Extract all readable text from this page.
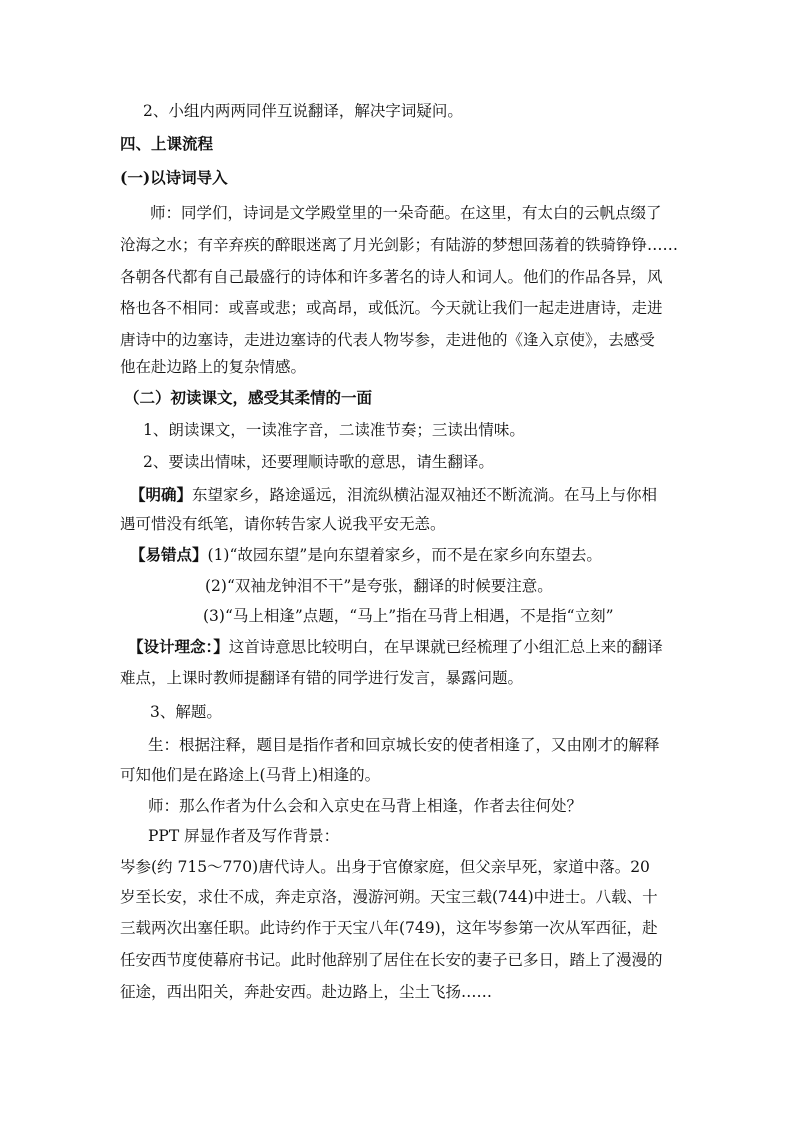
2、小组内两两同伴互说翻译，解决字词疑问。
四、上课流程
(一)以诗词导入
师：同学们，诗词是文学殿堂里的一朵奇葩。在这里，有太白的云帆点缀了
沧海之水；有辛弃疾的醉眼迷离了月光剑影；有陆游的梦想回荡着的铁骑铮铮……
各朝各代都有自己最盛行的诗体和许多著名的诗人和词人。他们的作品各异，风
格也各不相同：或喜或悲；或高昂，或低沉。今天就让我们一起走进唐诗，走进
唐诗中的边塞诗，走进边塞诗的代表人物岑参，走进他的《逢入京使》，去感受
他在赴边路上的复杂情感。
（二）初读课文，感受其柔情的一面
1、朗读课文，一读准字音，二读准节奏；三读出情味。
2、要读出情味，还要理顺诗歌的意思，请生翻译。
【明确】东望家乡，路途遥远，泪流纵横沾湿双袖还不断流淌。在马上与你相
遇可惜没有纸笔，请你转告家人说我平安无恙。
【易错点】(1)“故园东望”是向东望着家乡，而不是在家乡向东望去。
(2)“双袖龙钟泪不干”是夸张，翻译的时候要注意。
(3)“马上相逢”点题，“马上”指在马背上相遇，不是指“立刻”
【设计理念：】这首诗意思比较明白，在早课就已经梳理了小组汇总上来的翻译
难点，上课时教师提翻译有错的同学进行发言，暴露问题。
3、解题。
生：根据注释，题目是指作者和回京城长安的使者相逢了，又由刚才的解释
可知他们是在路途上(马背上)相逢的。
师：那么作者为什么会和入京史在马背上相逢，作者去往何处？
PPT 屏显作者及写作背景：
岑参(约 715～770)唐代诗人。出身于官僚家庭，但父亲早死，家道中落。20
岁至长安，求仕不成，奔走京洛，漫游河朔。天宝三载(744)中进士。八载、十
三载两次出塞任职。此诗约作于天宝八年(749)，这年岑参第一次从军西征，赴
任安西节度使幕府书记。此时他辞别了居住在长安的妻子已多日，踏上了漫漫的
征途，西出阳关，奔赴安西。赴边路上，尘土飞扬……
